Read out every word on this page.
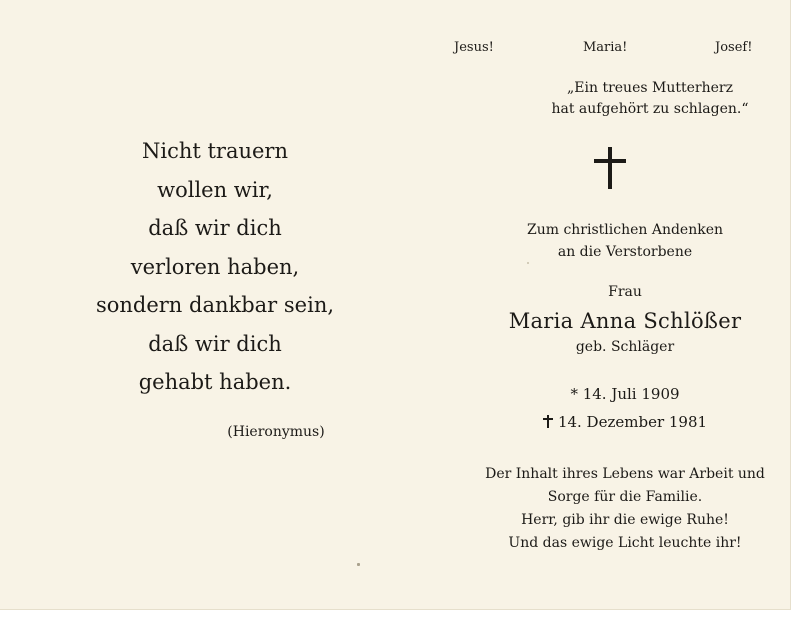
Nicht trauern
wollen wir,
daß wir dich
verloren haben,
sondern dankbar sein,
daß wir dich
gehabt haben.
(Hieronymus)
Jesus!	Maria!	Josef!
„Ein treues Mutterherz
hat aufgehört zu schlagen.“
Zum christlichen Andenken
an die Verstorbene
Frau
Maria Anna Schlößer
geb. Schläger
* 14. Juli 1909
14. Dezember 1981
Der Inhalt ihres Lebens war Arbeit und
Sorge für die Familie.
Herr, gib ihr die ewige Ruhe!
Und das ewige Licht leuchte ihr!
